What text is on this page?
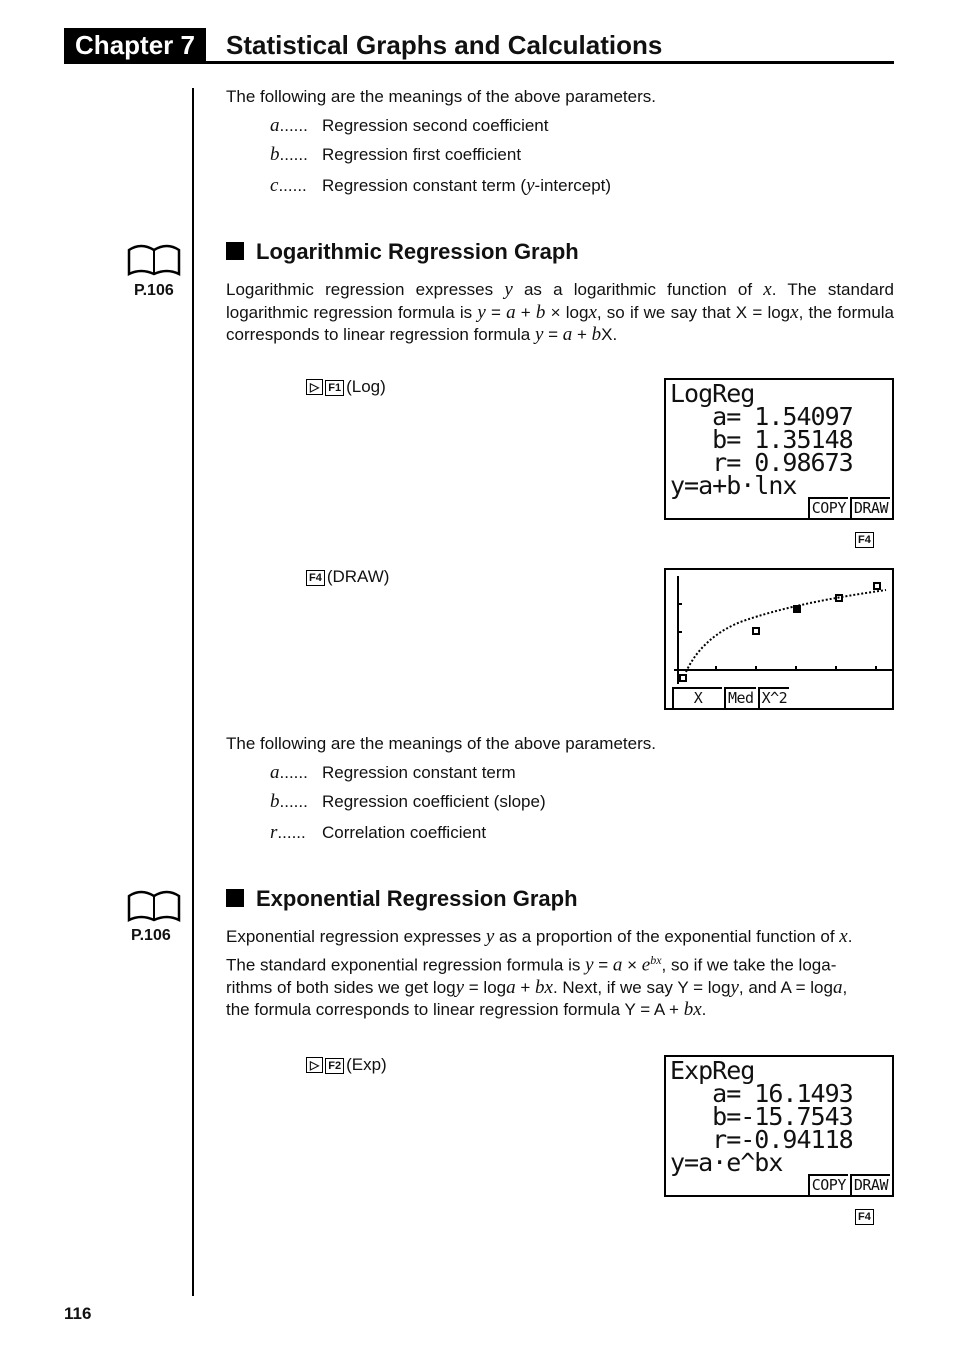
Chapter 7	Statistical Graphs and Calculations
The following are the meanings of the above parameters.
a...... Regression second coefficient
b...... Regression first coefficient
c...... Regression constant term (y-intercept)
P.106
Logarithmic Regression Graph
Logarithmic regression expresses y as a logarithmic function of x. The standard logarithmic regression formula is y = a + b × logx, so if we say that X = logx, the formula corresponds to linear regression formula y = a + bX.
▷ F1 (Log)	LogReg
a= 1.54097
b= 1.35148
r= 0.98673
y=a+b·lnx
COPY DRAW
F4
F4 (DRAW)
X	Med X^2
The following are the meanings of the above parameters.
a...... Regression constant term
b...... Regression coefficient (slope)
r...... Correlation coefficient
P.106
Exponential Regression Graph
Exponential regression expresses y as a proportion of the exponential function of x.
The standard exponential regression formula is $y = a \times e^{bx}$, so if we take the loga-
rithms of both sides we get logy = loga + bx. Next, if we say Y = logy, and A = loga,
the formula corresponds to linear regression formula Y = A + bx.
▷ F2 (Exp)	ExpReg
a= 16.1493
b=-15.7543
r=-0.94118
y=a·e^bx
COPY DRAW
F4
116
